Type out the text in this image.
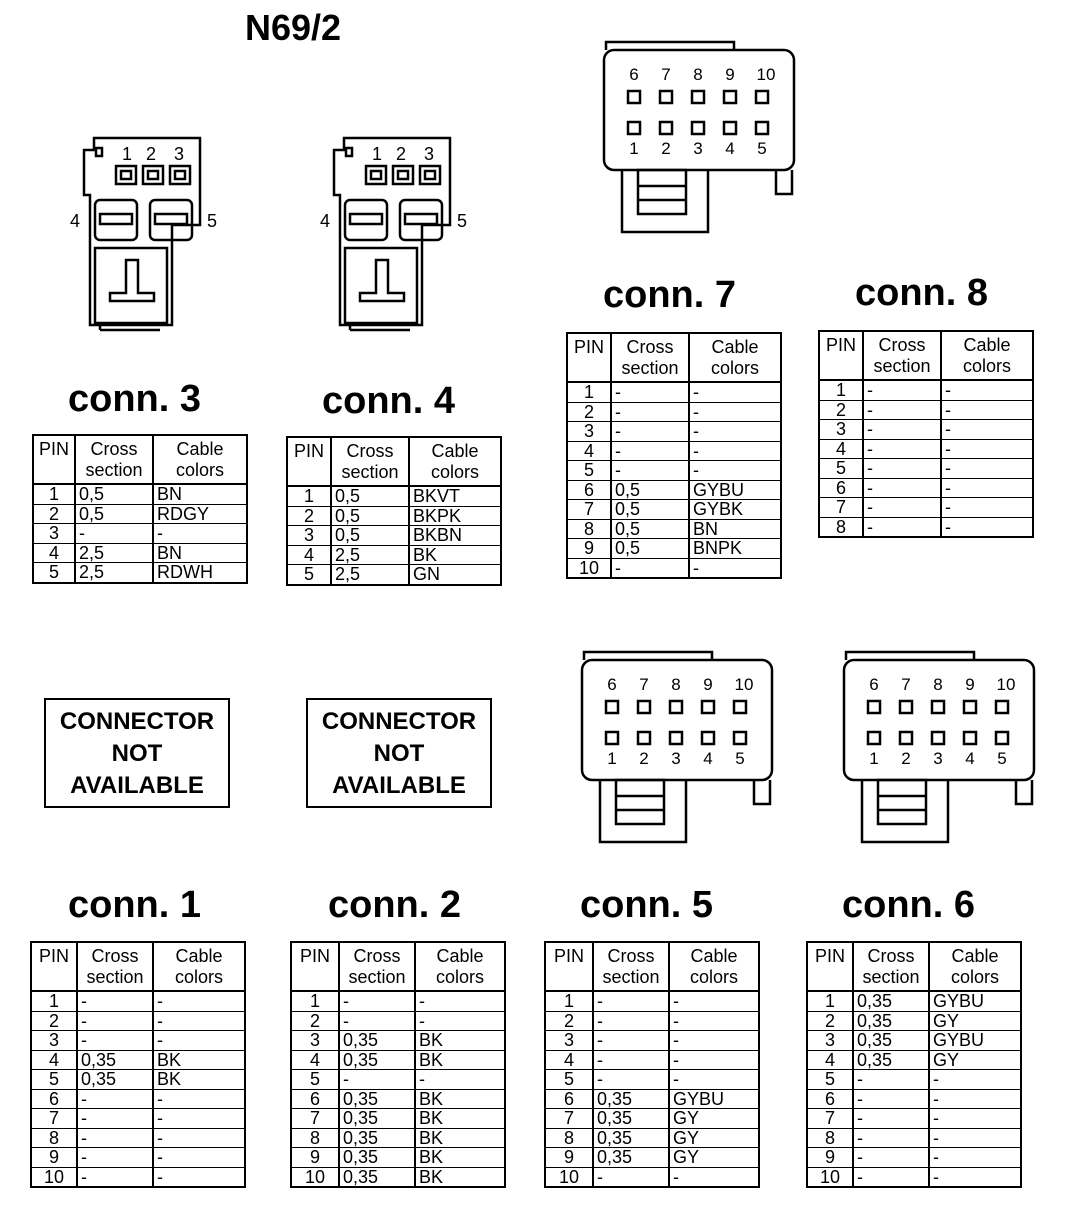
N69/2
1 2 3
4	5
1 2 3
4	5
6 7 8 9 10
1 2 3 4 5
6 7 8 9 10
1 2 3 4 5
6 7 8 9 10
1 2 3 4 5
conn. 3	conn. 4
conn. 7	conn. 8
conn. 1	conn. 2	conn. 5	conn. 6
CONNECTOR
NOT
AVAILABLE
CONNECTOR
NOT
AVAILABLE
PIN	Cross section	Cable colors
1	0,5	BN
2	0,5	RDGY
3	-	-
4	2,5	BN
5	2,5	RDWH
PIN	Cross section	Cable colors
1	0,5	BKVT
2	0,5	BKPK
3	0,5	BKBN
4	2,5	BK
5	2,5	GN
PIN	Cross section	Cable colors
1	-	-
2	-	-
3	-	-
4	-	-
5	-	-
6	0,5	GYBU
7	0,5	GYBK
8	0,5	BN
9	0,5	BNPK
10	-	-
PIN	Cross section	Cable colors
1	-	-
2	-	-
3	-	-
4	-	-
5	-	-
6	-	-
7	-	-
8	-	-
PIN	Cross section	Cable colors
1	-	-
2	-	-
3	-	-
4	0,35	BK
5	0,35	BK
6	-	-
7	-	-
8	-	-
9	-	-
10	-	-
PIN	Cross section	Cable colors
1	-	-
2	-	-
3	0,35	BK
4	0,35	BK
5	-	-
6	0,35	BK
7	0,35	BK
8	0,35	BK
9	0,35	BK
10	0,35	BK
PIN	Cross section	Cable colors
1	-	-
2	-	-
3	-	-
4	-	-
5	-	-
6	0,35	GYBU
7	0,35	GY
8	0,35	GY
9	0,35	GY
10	-	-
PIN	Cross section	Cable colors
1	0,35	GYBU
2	0,35	GY
3	0,35	GYBU
4	0,35	GY
5	-	-
6	-	-
7	-	-
8	-	-
9	-	-
10	-	-
